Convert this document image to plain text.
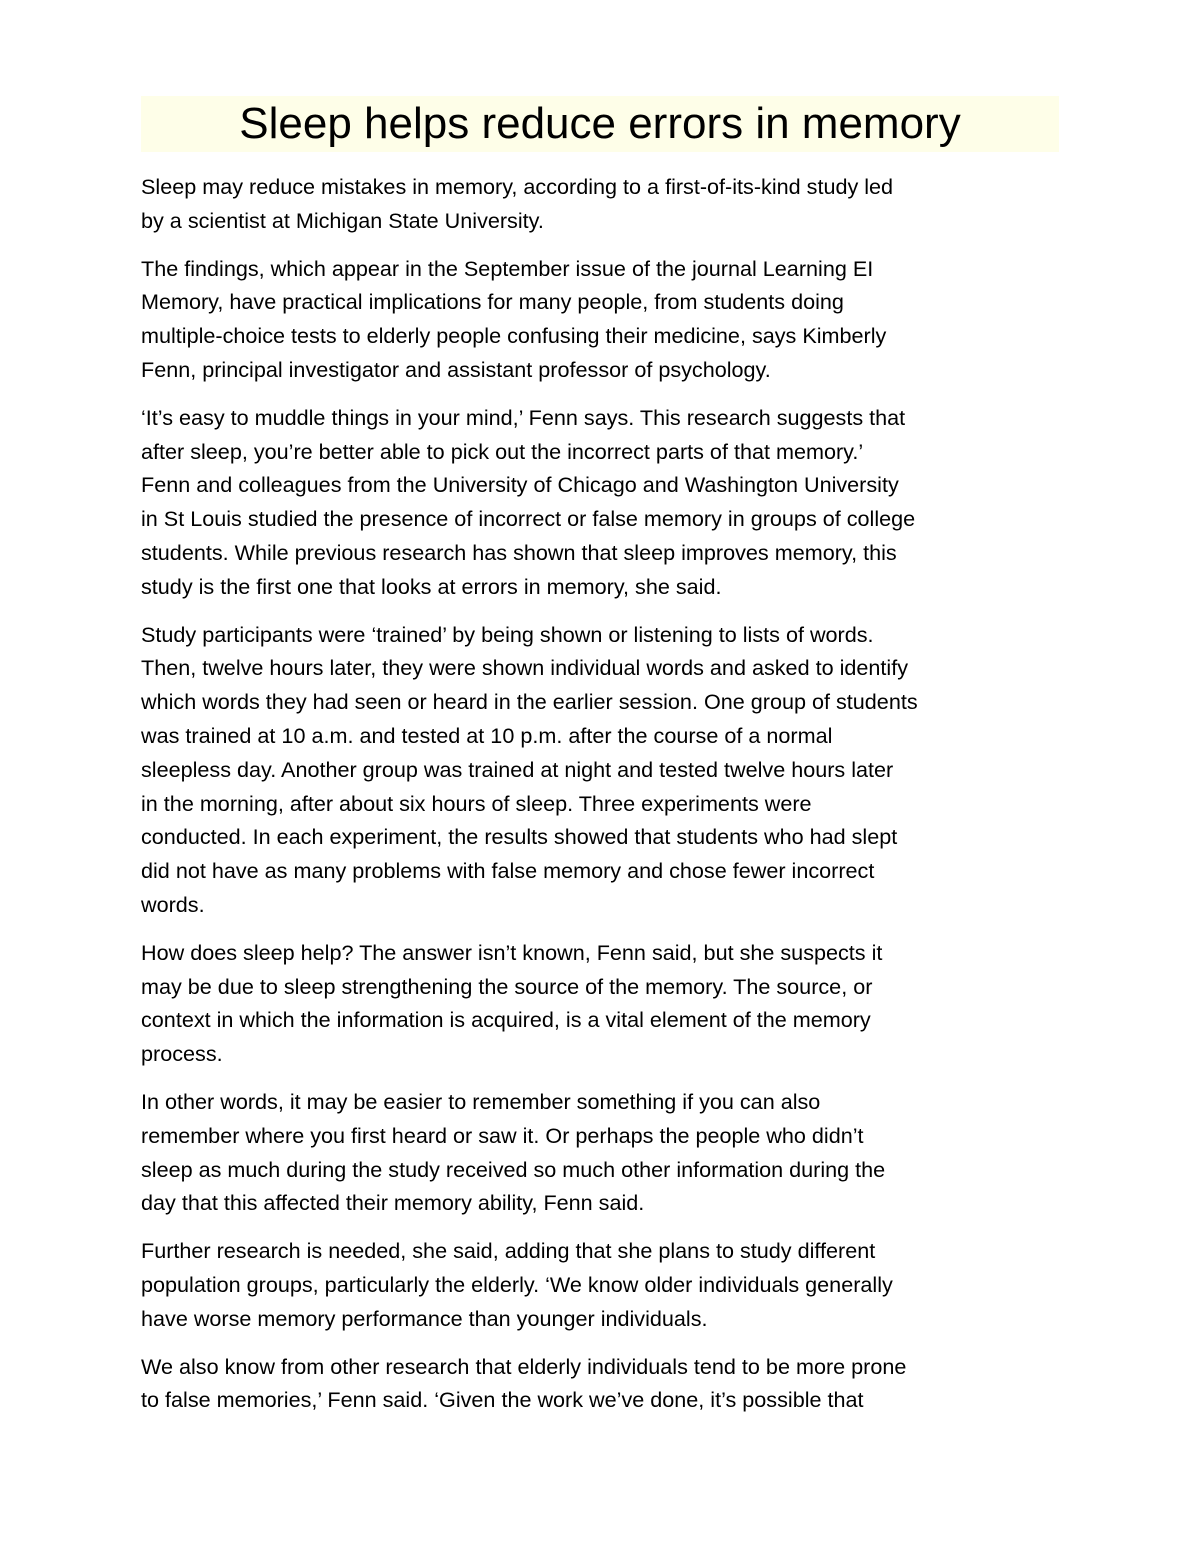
Sleep helps reduce errors in memory

Sleep may reduce mistakes in memory, according to a first-of-its-kind study led
by a scientist at Michigan State University.

The findings, which appear in the September issue of the journal Learning EI
Memory, have practical implications for many people, from students doing
multiple-choice tests to elderly people confusing their medicine, says Kimberly
Fenn, principal investigator and assistant professor of psychology.

‘It’s easy to muddle things in your mind,’ Fenn says. This research suggests that
after sleep, you’re better able to pick out the incorrect parts of that memory.’
Fenn and colleagues from the University of Chicago and Washington University
in St Louis studied the presence of incorrect or false memory in groups of college
students. While previous research has shown that sleep improves memory, this
study is the first one that looks at errors in memory, she said.

Study participants were ‘trained’ by being shown or listening to lists of words.
Then, twelve hours later, they were shown individual words and asked to identify
which words they had seen or heard in the earlier session. One group of students
was trained at 10 a.m. and tested at 10 p.m. after the course of a normal
sleepless day. Another group was trained at night and tested twelve hours later
in the morning, after about six hours of sleep. Three experiments were
conducted. In each experiment, the results showed that students who had slept
did not have as many problems with false memory and chose fewer incorrect
words.

How does sleep help? The answer isn’t known, Fenn said, but she suspects it
may be due to sleep strengthening the source of the memory. The source, or
context in which the information is acquired, is a vital element of the memory
process.

In other words, it may be easier to remember something if you can also
remember where you first heard or saw it. Or perhaps the people who didn’t
sleep as much during the study received so much other information during the
day that this affected their memory ability, Fenn said.

Further research is needed, she said, adding that she plans to study different
population groups, particularly the elderly. ‘We know older individuals generally
have worse memory performance than younger individuals.

We also know from other research that elderly individuals tend to be more prone
to false memories,’ Fenn said. ‘Given the work we’ve done, it’s possible that
